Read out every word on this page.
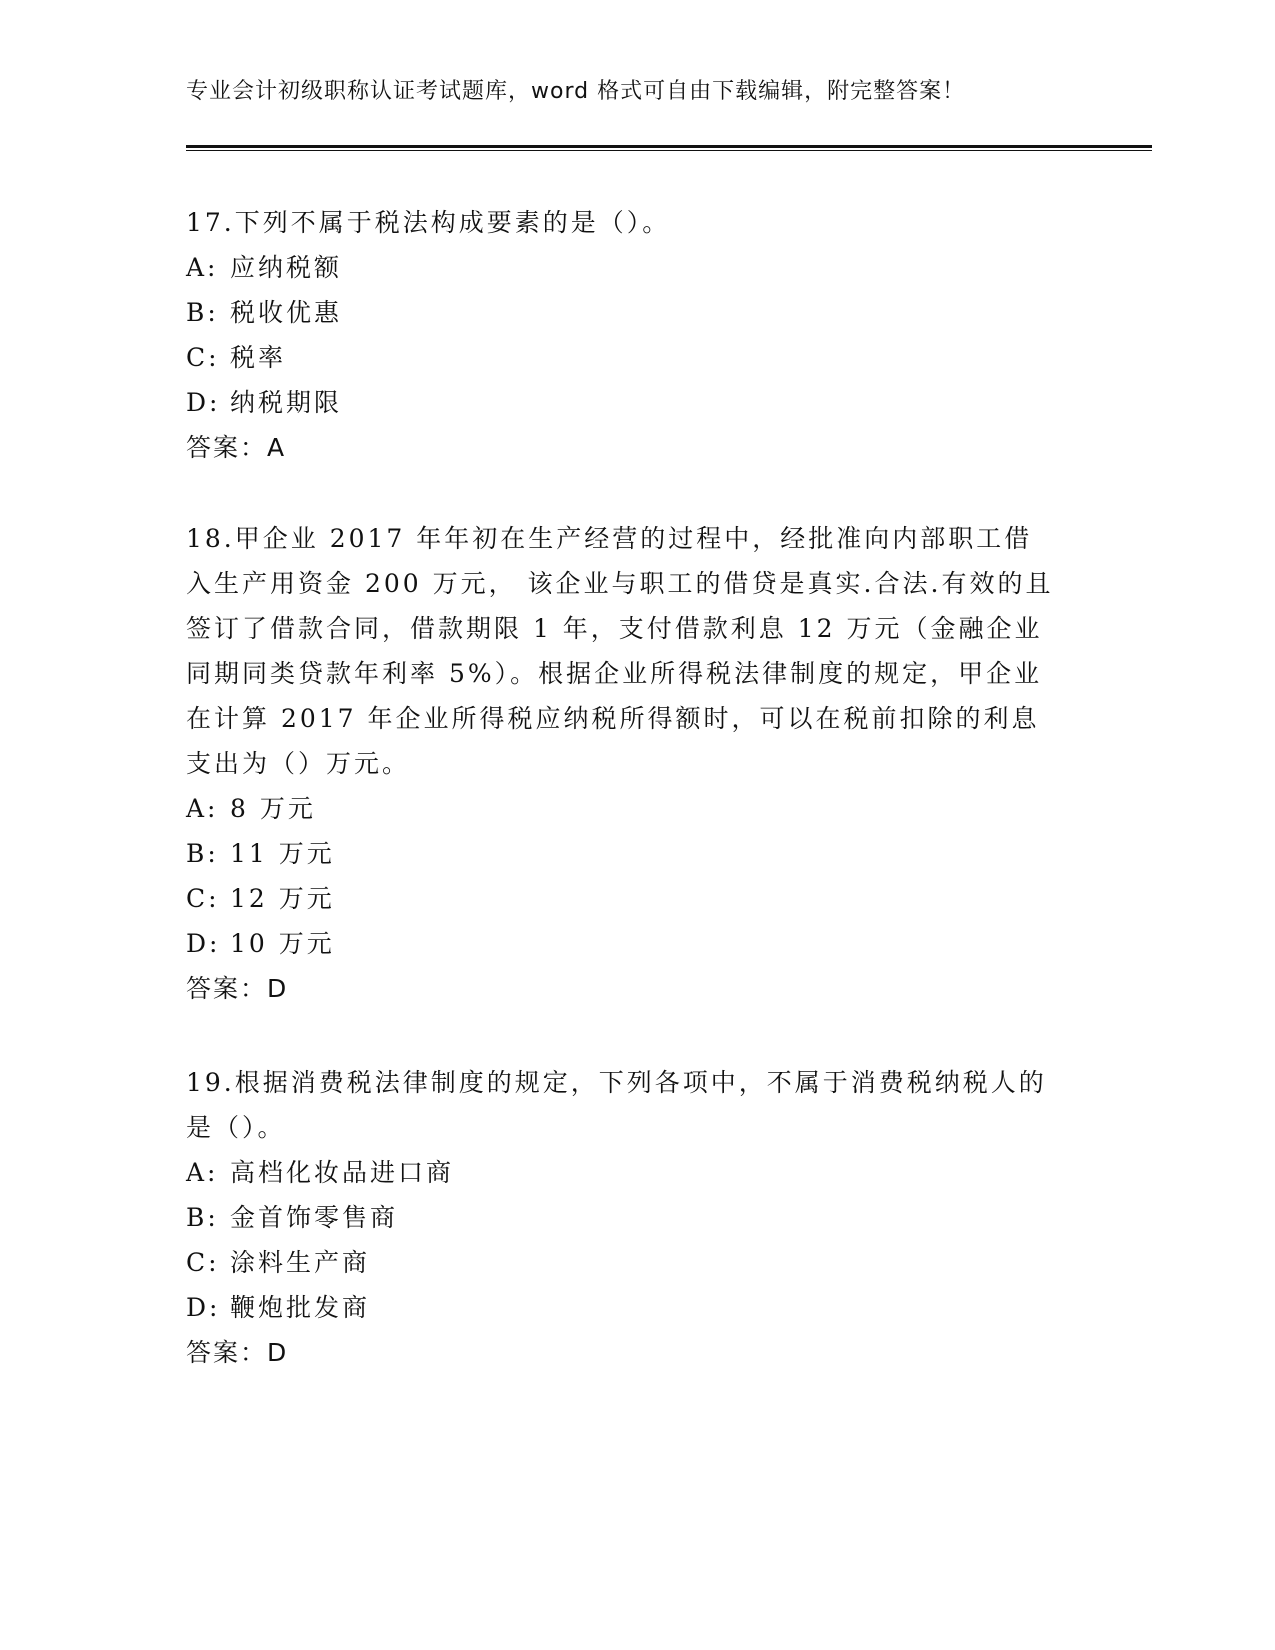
专业会计初级职称认证考试题库，word 格式可自由下载编辑，附完整答案！

17.下列不属于税法构成要素的是（）。

A: 应纳税额
B: 税收优惠
C: 税率
D: 纳税期限
答案：A

18.甲企业 2017 年年初在生产经营的过程中，经批准向内部职工借入生产用资金 200 万元， 该企业与职工的借贷是真实.合法.有效的且签订了借款合同，借款期限 1 年，支付借款利息 12 万元（金融企业同期同类贷款年利率 5%）。根据企业所得税法律制度的规定，甲企业在计算 2017 年企业所得税应纳税所得额时，可以在税前扣除的利息支出为（）万元。

A: 8 万元
B: 11 万元
C: 12 万元
D: 10 万元
答案：D

19.根据消费税法律制度的规定，下列各项中，不属于消费税纳税人的是（）。

A: 高档化妆品进口商
B: 金首饰零售商
C: 涂料生产商
D: 鞭炮批发商
答案：D
